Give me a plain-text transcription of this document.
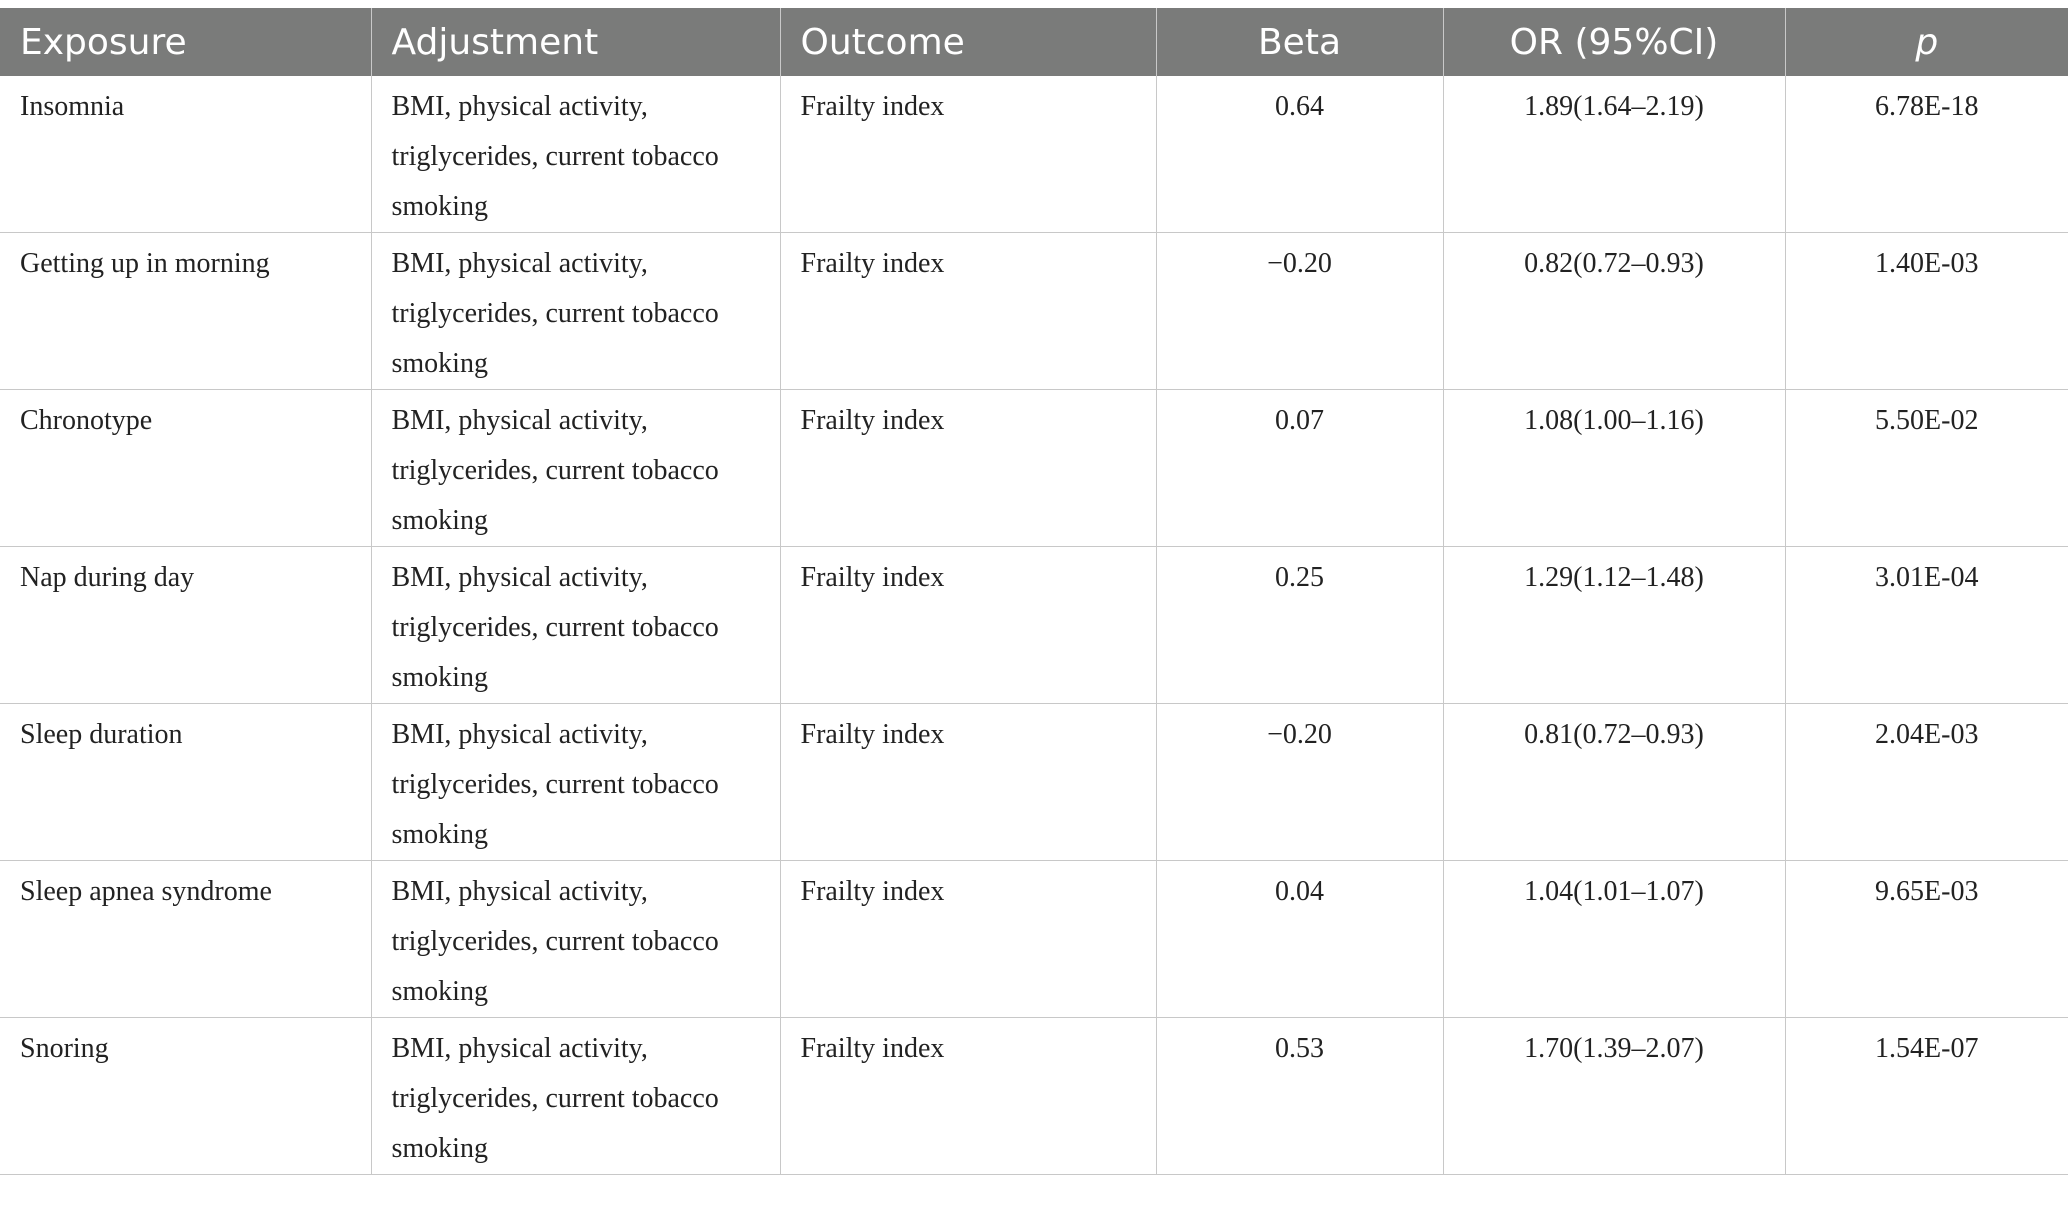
Exposure	Adjustment	Outcome	Beta	OR (95%CI)	p
Insomnia	BMI, physical activity, triglycerides, current tobacco smoking	Frailty index	0.64	1.89(1.64–2.19)	6.78E-18
Getting up in morning	BMI, physical activity, triglycerides, current tobacco smoking	Frailty index	−0.20	0.82(0.72–0.93)	1.40E-03
Chronotype	BMI, physical activity, triglycerides, current tobacco smoking	Frailty index	0.07	1.08(1.00–1.16)	5.50E-02
Nap during day	BMI, physical activity, triglycerides, current tobacco smoking	Frailty index	0.25	1.29(1.12–1.48)	3.01E-04
Sleep duration	BMI, physical activity, triglycerides, current tobacco smoking	Frailty index	−0.20	0.81(0.72–0.93)	2.04E-03
Sleep apnea syndrome	BMI, physical activity, triglycerides, current tobacco smoking	Frailty index	0.04	1.04(1.01–1.07)	9.65E-03
Snoring	BMI, physical activity, triglycerides, current tobacco smoking	Frailty index	0.53	1.70(1.39–2.07)	1.54E-07
